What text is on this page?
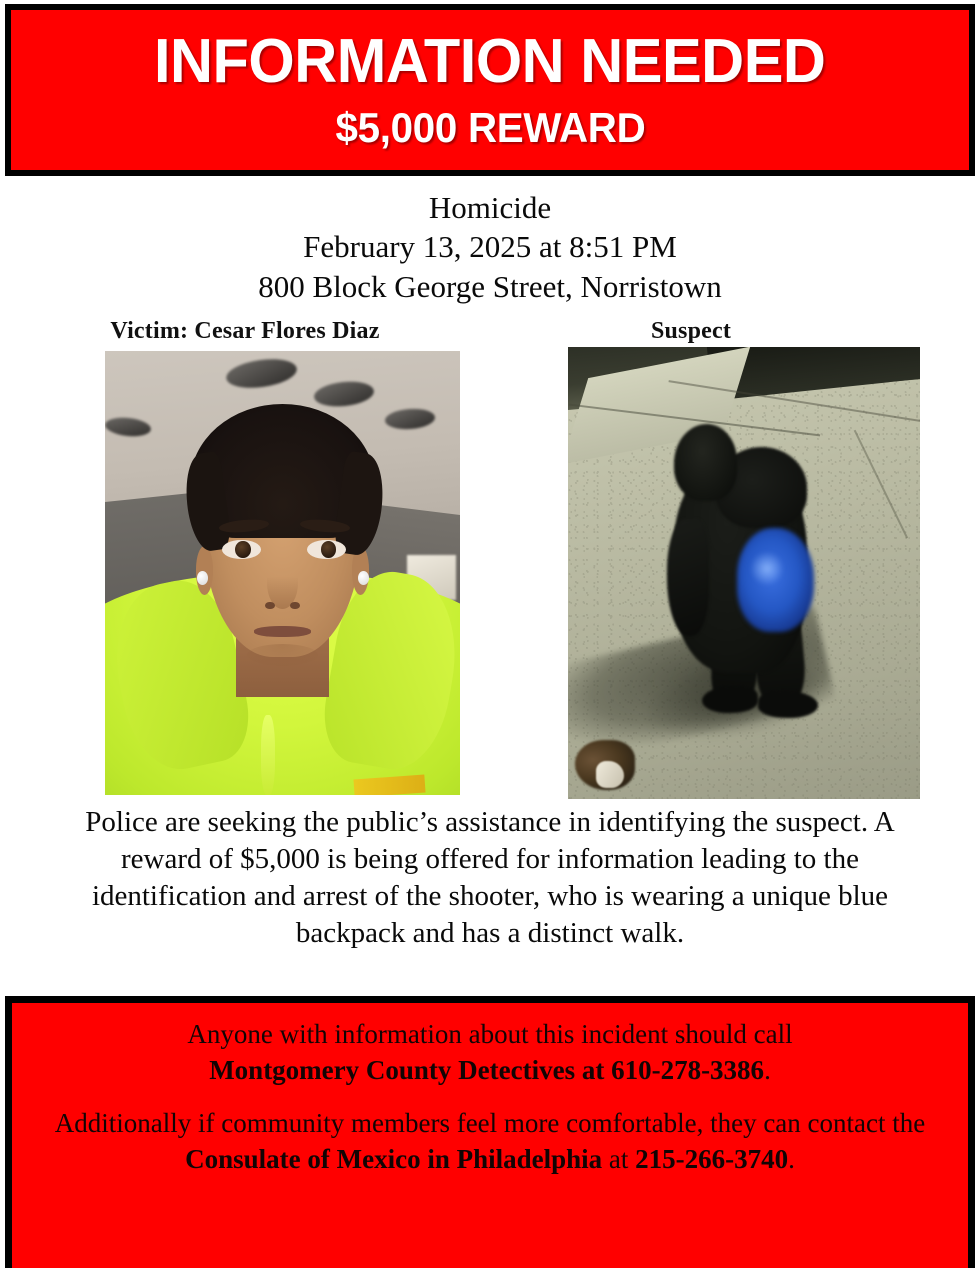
INFORMATION NEEDED
$5,000 REWARD
Homicide
February 13, 2025 at 8:51 PM
800 Block George Street, Norristown
Victim: Cesar Flores Diaz	Suspect

Police are seeking the public’s assistance in identifying the suspect. A reward of $5,000 is being offered for information leading to the identification and arrest of the shooter, who is wearing a unique blue backpack and has a distinct walk.

Anyone with information about this incident should call
Montgomery County Detectives at 610-278-3386.
Additionally if community members feel more comfortable, they can contact the Consulate of Mexico in Philadelphia at 215-266-3740.
